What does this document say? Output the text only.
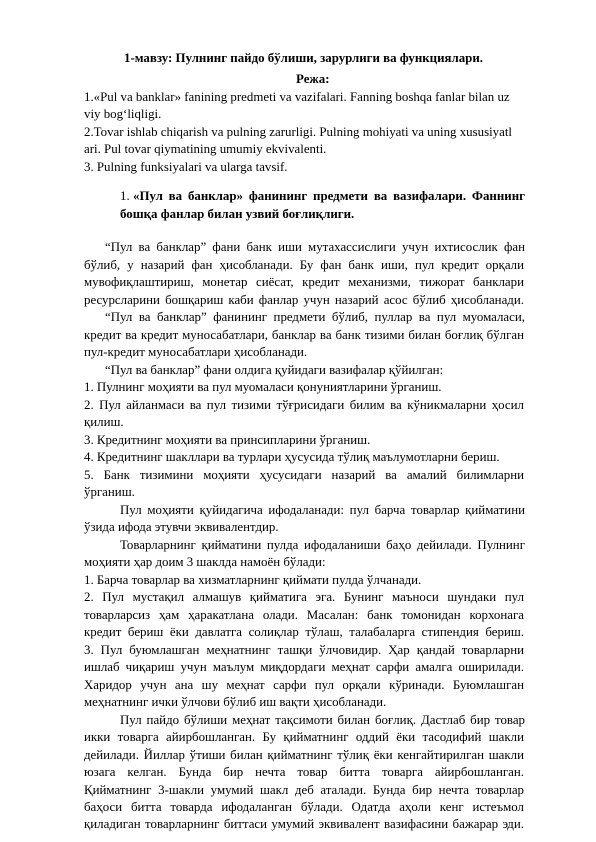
1-мавзу: Пулнинг пайдо бўлиши, зарурлиги ва функциялари.
Режа:
1.«Pul va banklar» fanining predmeti va vazifalari. Fanning boshqa fanlar bilan uz
viy bog‘liqligi.
2.Tovar ishlab chiqarish va pulning zarurligi. Pulning mohiyati va uning xususiyatl
ari. Pul tovar qiymatining umumiy ekvivalenti.
3. Pulning funksiyalari va ularga tavsif.
1. «Пул ва банклар» фанининг предмети ва вазифалари. Фаннинг
бошқа фанлар билан узвий боғлиқлиги.
“Пул ва банклар” фани банк иши мутахассислиги учун ихтисослик фан
бўлиб, у назарий фан ҳисобланади. Бу фан банк иши, пул кредит орқали
мувофиқлаштириш, монетар сиёсат, кредит механизми, тижорат банклари
ресурсларини бошқариш каби фанлар учун назарий асос бўлиб ҳисобланади.
“Пул ва банклар” фанининг предмети бўлиб, пуллар ва пул муомаласи,
кредит ва кредит муносабатлари, банклар ва банк тизими билан боғлиқ бўлган
пул-кредит муносабатлари ҳисобланади.
“Пул ва банклар” фани олдига қуйидаги вазифалар қўйилган:
1. Пулнинг моҳияти ва пул муомаласи қонуниятларини ўрганиш.
2. Пул айланмаси ва пул тизими тўғрисидаги билим ва кўникмаларни ҳосил
қилиш.
3. Кредитнинг моҳияти ва принсипларини ўрганиш.
4. Кредитнинг шакллари ва турлари ҳусусида тўлиқ маълумотларни бериш.
5. Банк тизимини моҳияти ҳусусидаги назарий ва амалий билимларни
ўрганиш.
Пул моҳияти қуйидагича ифодаланади: пул барча товарлар қийматини
ўзида ифода этувчи эквивалентдир.
Товарларнинг қийматини пулда ифодаланиши баҳо дейилади. Пулнинг
моҳияти ҳар доим 3 шаклда намоён бўлади:
1. Барча товарлар ва хизматларнинг қиймати пулда ўлчанади.
2. Пул мустақил алмашув қийматига эга. Бунинг маъноси шундаки пул
товарларсиз ҳам ҳаракатлана олади. Масалан: банк томонидан корхонага
кредит бериш ёки давлатга солиқлар тўлаш, талабаларга стипендия бериш.
3. Пул буюмлашган меҳнатнинг ташқи ўлчовидир. Ҳар қандай товарларни
ишлаб чиқариш учун маълум миқдордаги меҳнат сарфи амалга оширилади.
Харидор учун ана шу меҳнат сарфи пул орқали кўринади. Буюмлашган
меҳнатнинг ички ўлчови бўлиб иш вақти ҳисобланади.
Пул пайдо бўлиши меҳнат тақсимоти билан боғлиқ. Дастлаб бир товар
икки товарга айирбошланган. Бу қийматнинг оддий ёки тасодифий шакли
дейилади. Йиллар ўтиши билан қийматнинг тўлиқ ёки кенгайтирилган шакли
юзага келган. Бунда бир нечта товар битта товарга айирбошланган.
Қийматнинг 3-шакли умумий шакл деб аталади. Бунда бир нечта товарлар
баҳоси битта товарда ифодаланган бўлади. Одатда аҳоли кенг истеъмол
қиладиган товарларнинг биттаси умумий эквивалент вазифасини бажарар эди.
